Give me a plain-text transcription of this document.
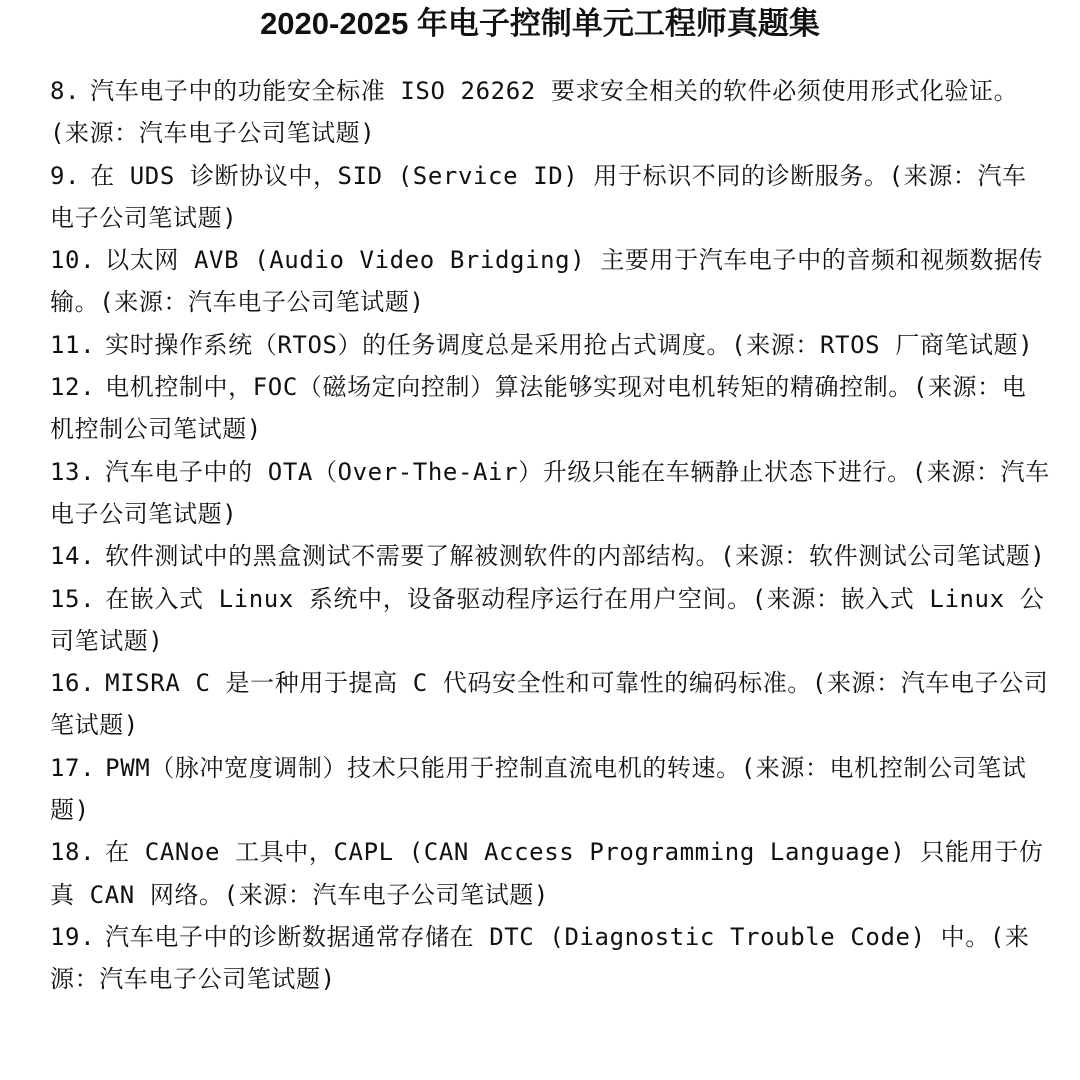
2020-2025 年电子控制单元工程师真题集
8. 汽车电子中的功能安全标准 ISO 26262 要求安全相关的软件必须使用形式化验证。(来源：汽车电子公司笔试题)
9. 在 UDS 诊断协议中，SID (Service ID) 用于标识不同的诊断服务。(来源：汽车电子公司笔试题)
10. 以太网 AVB (Audio Video Bridging) 主要用于汽车电子中的音频和视频数据传输。(来源：汽车电子公司笔试题)
11. 实时操作系统（RTOS）的任务调度总是采用抢占式调度。(来源：RTOS 厂商笔试题)
12. 电机控制中，FOC（磁场定向控制）算法能够实现对电机转矩的精确控制。(来源：电机控制公司笔试题)
13. 汽车电子中的 OTA（Over-The-Air）升级只能在车辆静止状态下进行。(来源：汽车电子公司笔试题)
14. 软件测试中的黑盒测试不需要了解被测软件的内部结构。(来源：软件测试公司笔试题)
15. 在嵌入式 Linux 系统中，设备驱动程序运行在用户空间。(来源：嵌入式 Linux 公司笔试题)
16. MISRA C 是一种用于提高 C 代码安全性和可靠性的编码标准。(来源：汽车电子公司笔试题)
17. PWM（脉冲宽度调制）技术只能用于控制直流电机的转速。(来源：电机控制公司笔试题)
18. 在 CANoe 工具中，CAPL (CAN Access Programming Language) 只能用于仿真 CAN 网络。(来源：汽车电子公司笔试题)
19. 汽车电子中的诊断数据通常存储在 DTC (Diagnostic Trouble Code) 中。(来源：汽车电子公司笔试题)
